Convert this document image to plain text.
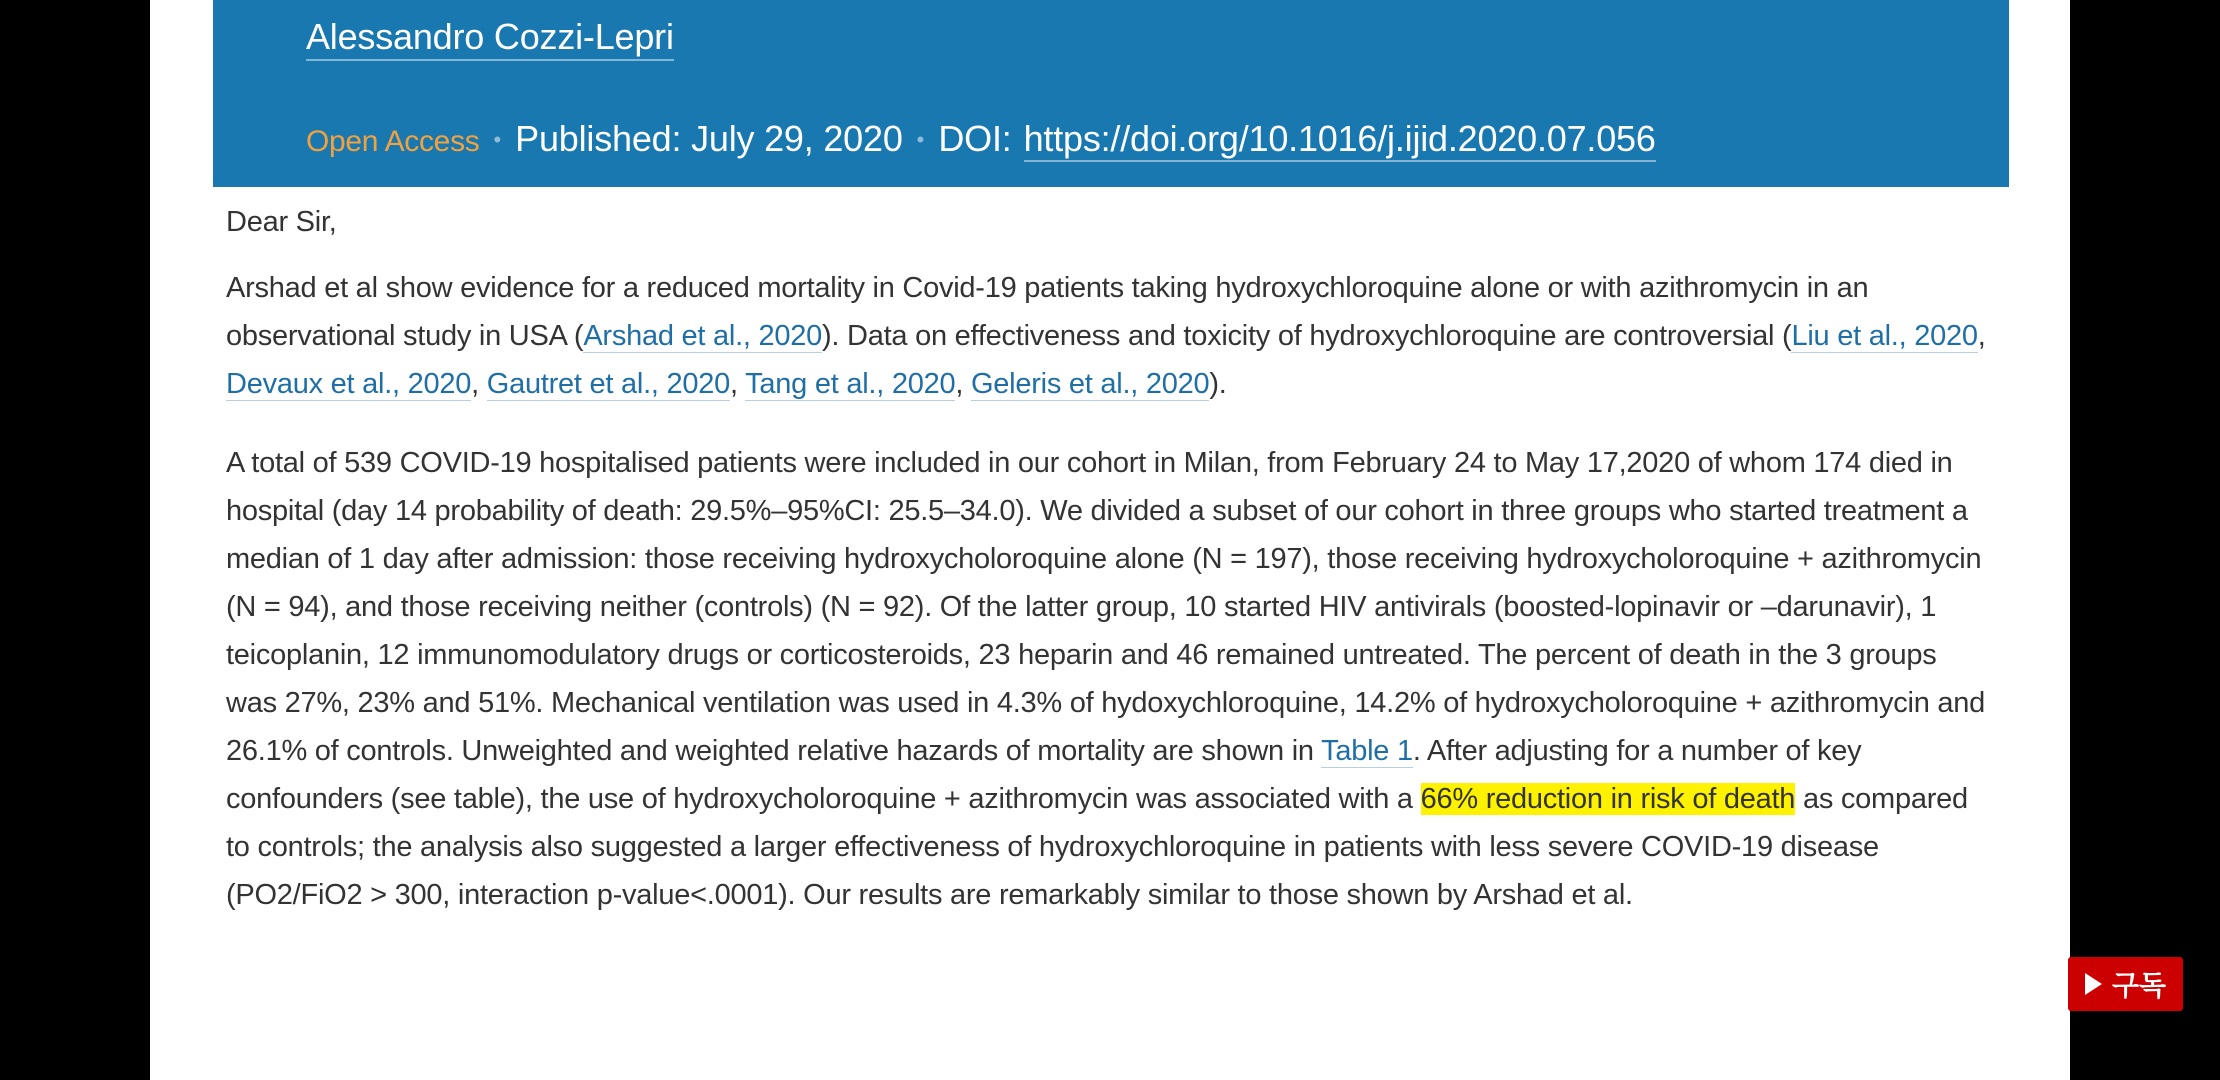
Alessandro Cozzi-Lepri
Open Access • Published: July 29, 2020 • DOI: https://doi.org/10.1016/j.ijid.2020.07.056

Dear Sir,

Arshad et al show evidence for a reduced mortality in Covid-19 patients taking hydroxychloroquine alone or with azithromycin in an observational study in USA (Arshad et al., 2020). Data on effectiveness and toxicity of hydroxychloroquine are controversial (Liu et al., 2020, Devaux et al., 2020, Gautret et al., 2020, Tang et al., 2020, Geleris et al., 2020).

A total of 539 COVID-19 hospitalised patients were included in our cohort in Milan, from February 24 to May 17,2020 of whom 174 died in hospital (day 14 probability of death: 29.5%–95%CI: 25.5–34.0). We divided a subset of our cohort in three groups who started treatment a median of 1 day after admission: those receiving hydroxycholoroquine alone (N = 197), those receiving hydroxycholoroquine + azithromycin (N = 94), and those receiving neither (controls) (N = 92). Of the latter group, 10 started HIV antivirals (boosted-lopinavir or –darunavir), 1 teicoplanin, 12 immunomodulatory drugs or corticosteroids, 23 heparin and 46 remained untreated. The percent of death in the 3 groups was 27%, 23% and 51%. Mechanical ventilation was used in 4.3% of hydoxychloroquine, 14.2% of hydroxycholoroquine + azithromycin and 26.1% of controls. Unweighted and weighted relative hazards of mortality are shown in Table 1. After adjusting for a number of key confounders (see table), the use of hydroxycholoroquine + azithromycin was associated with a 66% reduction in risk of death as compared to controls; the analysis also suggested a larger effectiveness of hydroxychloroquine in patients with less severe COVID-19 disease (PO2/FiO2 > 300, interaction p-value<.0001). Our results are remarkably similar to those shown by Arshad et al.

구독
